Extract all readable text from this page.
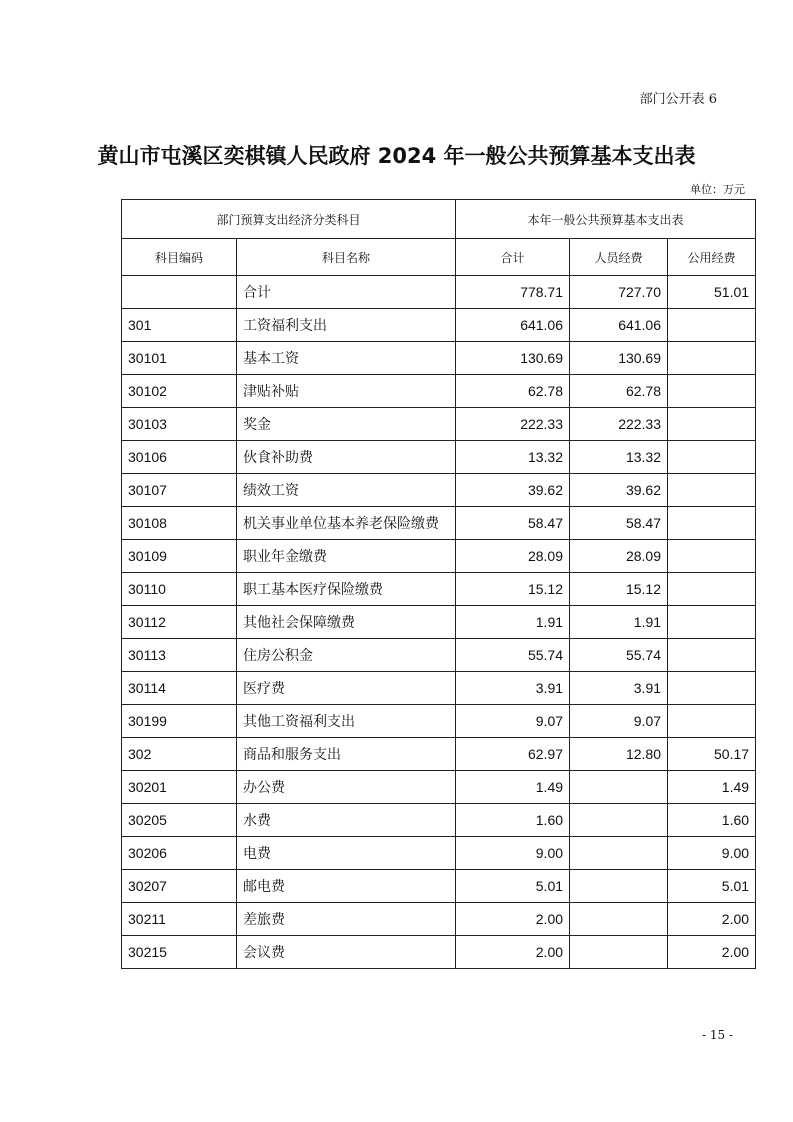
部门公开表 6
黄山市屯溪区奕棋镇人民政府 2024 年一般公共预算基本支出表
单位：万元
部门预算支出经济分类科目		本年一般公共预算基本支出表		
科目编码	科目名称	合计	人员经费	公用经费
	合计	778.71	727.70	51.01
301	工资福利支出	641.06	641.06	
30101	基本工资	130.69	130.69	
30102	津贴补贴	62.78	62.78	
30103	奖金	222.33	222.33	
30106	伙食补助费	13.32	13.32	
30107	绩效工资	39.62	39.62	
30108	机关事业单位基本养老保险缴费	58.47	58.47	
30109	职业年金缴费	28.09	28.09	
30110	职工基本医疗保险缴费	15.12	15.12	
30112	其他社会保障缴费	1.91	1.91	
30113	住房公积金	55.74	55.74	
30114	医疗费	3.91	3.91	
30199	其他工资福利支出	9.07	9.07	
302	商品和服务支出	62.97	12.80	50.17
30201	办公费	1.49		1.49
30205	水费	1.60		1.60
30206	电费	9.00		9.00
30207	邮电费	5.01		5.01
30211	差旅费	2.00		2.00
30215	会议费	2.00		2.00
- 15 -
